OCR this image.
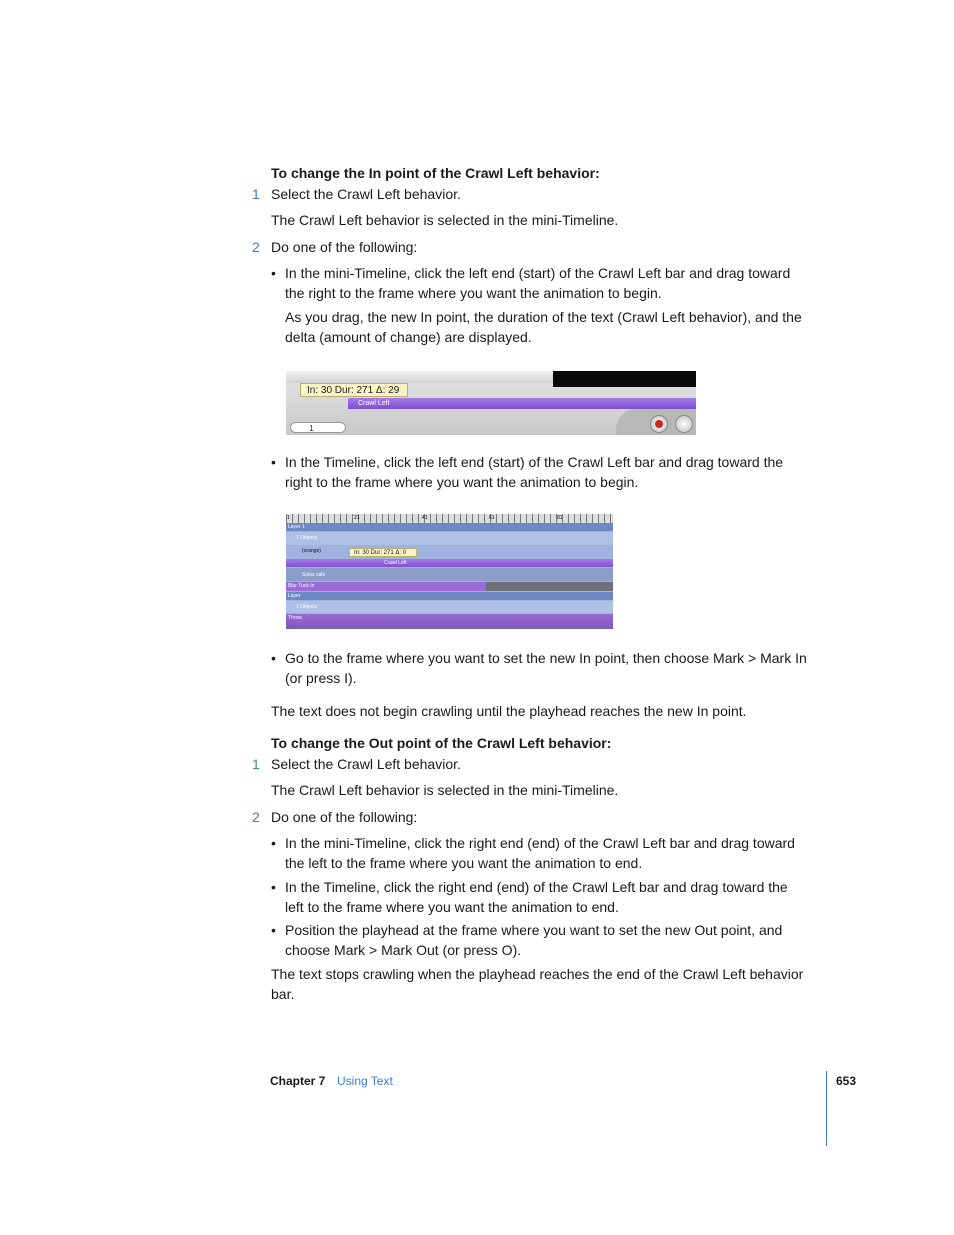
To change the In point of the Crawl Left behavior:
1 Select the Crawl Left behavior.
The Crawl Left behavior is selected in the mini-Timeline.
2 Do one of the following:
• In the mini-Timeline, click the left end (start) of the Crawl Left bar and drag toward
the right to the frame where you want the animation to begin.
As you drag, the new In point, the duration of the text (Crawl Left behavior), and the
delta (amount of change) are displayed.
Crawl Left
In: 30 Dur: 271 Δ: 29
1
• In the Timeline, click the left end (start) of the Crawl Left bar and drag toward the
right to the frame where you want the animation to begin.
1	21	41	61	81
Layer 1
1 Objects
(orange)
Crawl Left
Solos safe
Blur Tuck In
Layer
1 Objects
Throw
In: 30 Dur: 271 Δ: 0
• Go to the frame where you want to set the new In point, then choose Mark > Mark In
(or press I).
The text does not begin crawling until the playhead reaches the new In point.
To change the Out point of the Crawl Left behavior:
1 Select the Crawl Left behavior.
The Crawl Left behavior is selected in the mini-Timeline.
2 Do one of the following:
• In the mini-Timeline, click the right end (end) of the Crawl Left bar and drag toward
the left to the frame where you want the animation to end.
• In the Timeline, click the right end (end) of the Crawl Left bar and drag toward the
left to the frame where you want the animation to end.
• Position the playhead at the frame where you want to set the new Out point, and
choose Mark > Mark Out (or press O).
The text stops crawling when the playhead reaches the end of the Crawl Left behavior
bar.
Chapter 7 Using Text	653
